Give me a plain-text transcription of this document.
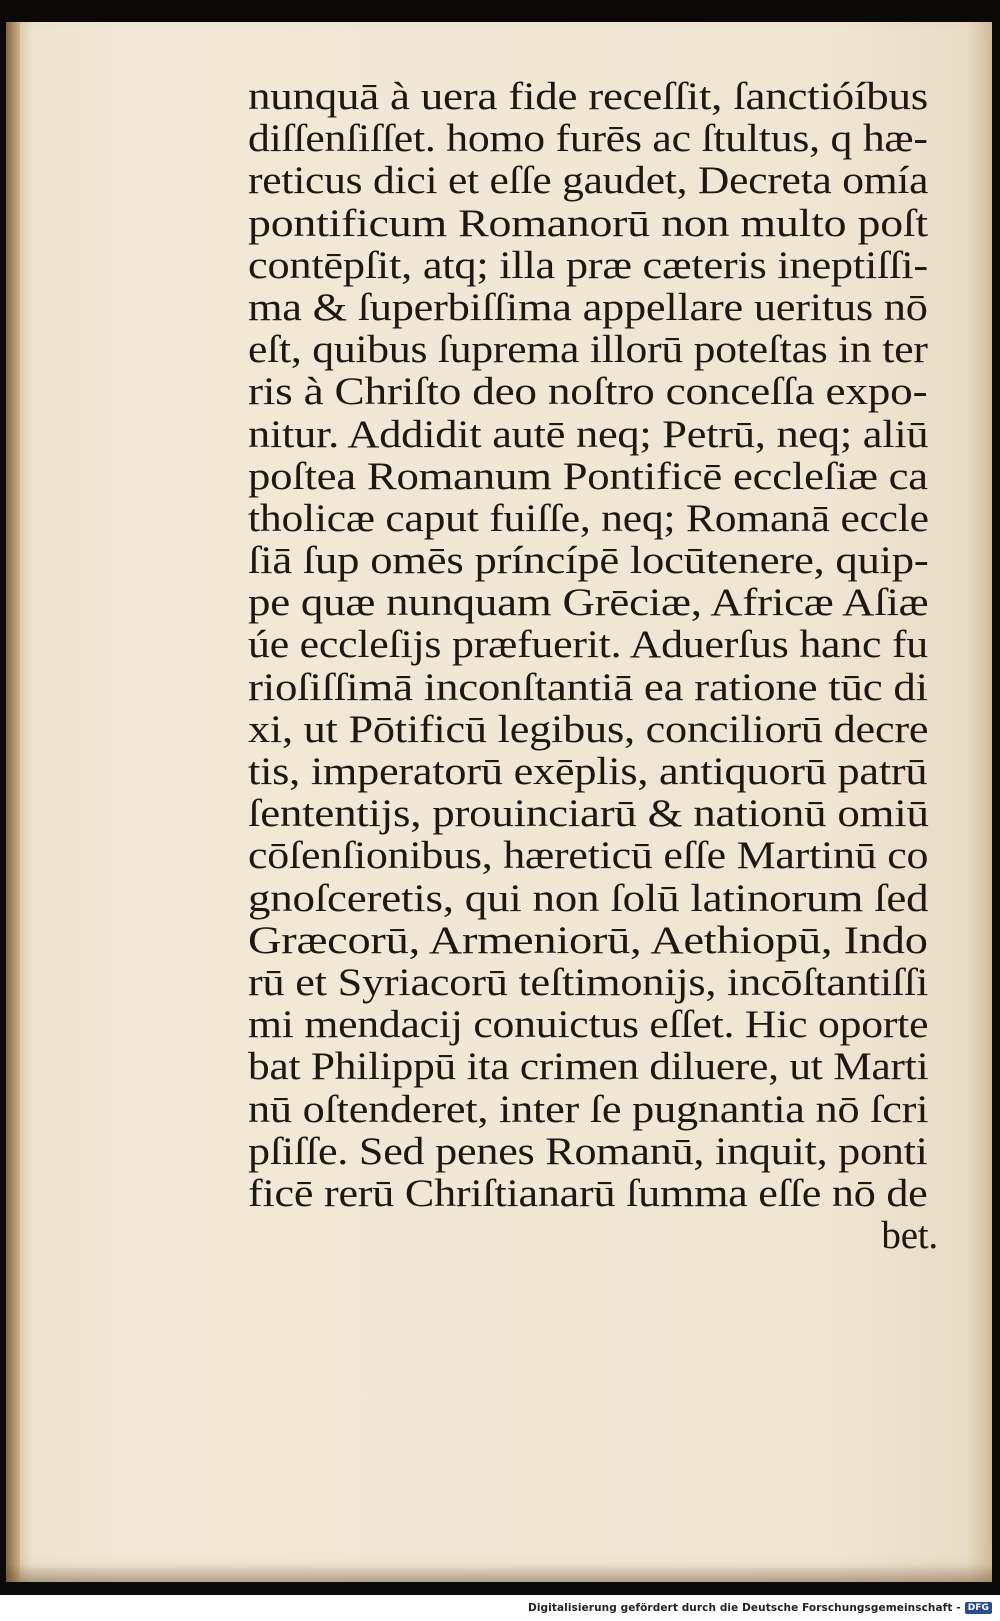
nunquā à uera fide receſſit, ſanctióíbus
diſſenſiſſet. homo furēs ac ſtultus, q hæ-
reticus dici et eſſe gaudet, Decreta omía
pontificum Romanorū non multo poſt
contēpſit, atq; illa præ cæteris ineptiſſi-
ma & ſuperbiſſima appellare ueritus nō
eſt, quibus ſuprema illorū poteſtas in ter
ris à Chriſto deo noſtro conceſſa expo-
nitur. Addidit autē neq; Petrū, neq; aliū
poſtea Romanum Pontificē eccleſiæ ca
tholicæ caput fuiſſe, neq; Romanā eccle
ſiā ſup omēs príncípē locūtenere, quip-
pe quæ nunquam Grēciæ, Africæ Aſiæ
úe eccleſijs præfuerit. Aduerſus hanc fu
rioſiſſimā inconſtantiā ea ratione tūc di
xi, ut Pōtificū legibus, conciliorū decre
tis, imperatorū exēplis, antiquorū patrū
ſententijs, prouinciarū & nationū omiū
cōſenſionibus, hæreticū eſſe Martinū co
gnoſceretis, qui non ſolū latinorum ſed
Græcorū, Armeniorū, Aethiopū, Indo
rū et Syriacorū teſtimonijs, incōſtantiſſi
mi mendacij conuictus eſſet. Hic oporte
bat Philippū ita crimen diluere, ut Marti
nū oſtenderet, inter ſe pugnantia nō ſcri
pſiſſe. Sed penes Romanū, inquit, ponti
ficē rerū Chriſtianarū ſumma eſſe nō de
bet.
Digitalisierung gefördert durch die Deutsche Forschungsgemeinschaft - DFG
